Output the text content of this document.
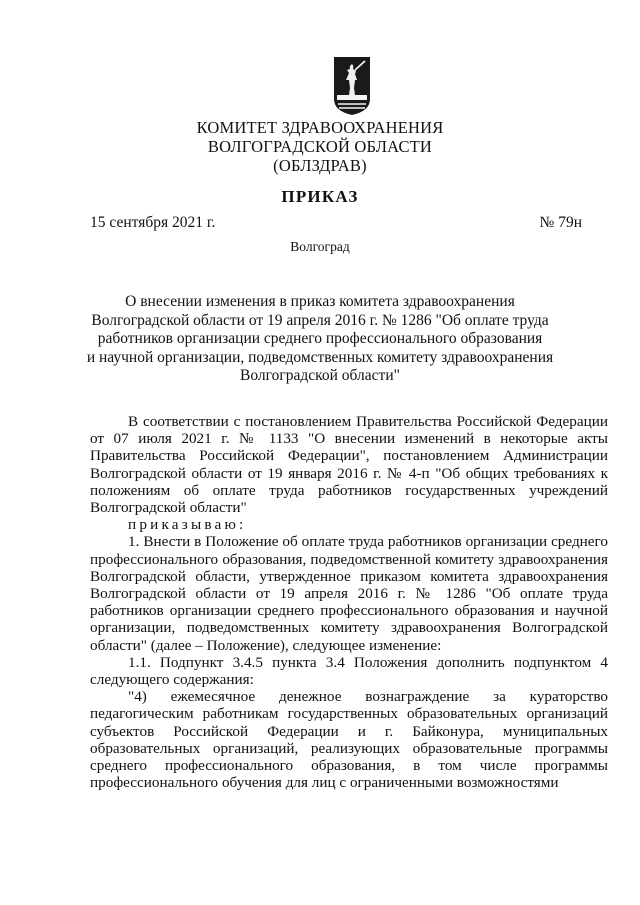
КОМИТЕТ ЗДРАВООХРАНЕНИЯ
ВОЛГОГРАДСКОЙ ОБЛАСТИ
(ОБЛЗДРАВ)
ПРИКАЗ
15 сентября 2021 г.	№ 79н
Волгоград
О внесении изменения в приказ комитета здравоохранения
Волгоградской области от 19 апреля 2016 г. № 1286 "Об оплате труда
работников организации среднего профессионального образования
и научной организации, подведомственных комитету здравоохранения
Волгоградской области"

В соответствии с постановлением Правительства Российской Федерации от 07 июля 2021 г. № 1133 "О внесении изменений в некоторые акты Правительства Российской Федерации", постановлением Администрации Волгоградской области от 19 января 2016 г. № 4-п "Об общих требованиях к положениям об оплате труда работников государственных учреждений Волгоградской области"

приказываю:

1. Внести в Положение об оплате труда работников организации среднего профессионального образования, подведомственной комитету здравоохранения Волгоградской области, утвержденное приказом комитета здравоохранения Волгоградской области от 19 апреля 2016 г. № 1286 "Об оплате труда работников организации среднего профессионального образования и научной организации, подведомственных комитету здравоохранения Волгоградской области" (далее – Положение), следующее изменение:

1.1. Подпункт 3.4.5 пункта 3.4 Положения дополнить подпунктом 4 следующего содержания:

"4) ежемесячное денежное вознаграждение за кураторство педагогическим работникам государственных образовательных организаций субъектов Российской Федерации и г. Байконура, муниципальных образовательных организаций, реализующих образовательные программы среднего профессионального образования, в том числе программы профессионального обучения для лиц с ограниченными возможностями
